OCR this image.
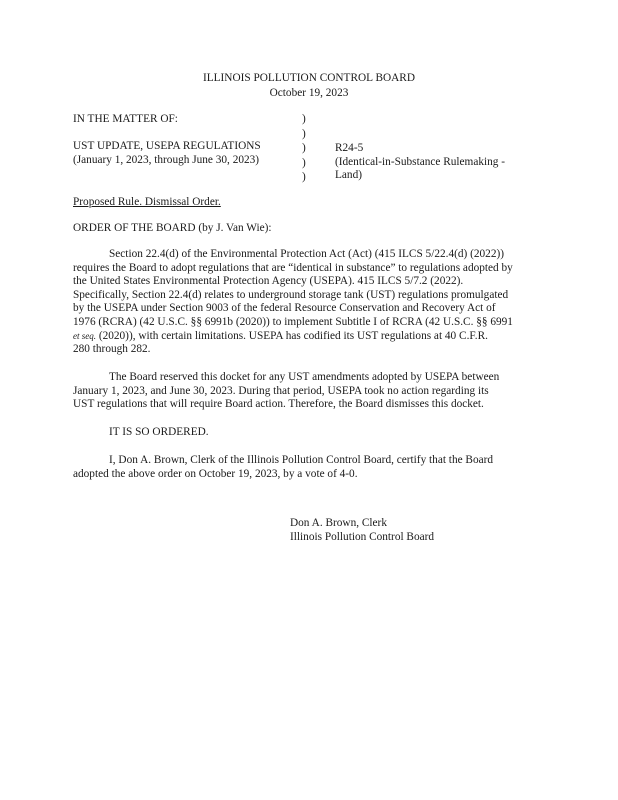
ILLINOIS POLLUTION CONTROL BOARD
October 19, 2023
IN THE MATTER OF:	)
)
)
)
)
UST UPDATE, USEPA REGULATIONS
(January 1, 2023, through June 30, 2023)
R24-5
(Identical-in-Substance Rulemaking -
Land)
Proposed Rule. Dismissal Order.
ORDER OF THE BOARD (by J. Van Wie):

Section 22.4(d) of the Environmental Protection Act (Act) (415 ILCS 5/22.4(d) (2022))

requires the Board to adopt regulations that are “identical in substance” to regulations adopted by

the United States Environmental Protection Agency (USEPA). 415 ILCS 5/7.2 (2022).

Specifically, Section 22.4(d) relates to underground storage tank (UST) regulations promulgated

by the USEPA under Section 9003 of the federal Resource Conservation and Recovery Act of

1976 (RCRA) (42 U.S.C. §§ 6991b (2020)) to implement Subtitle I of RCRA (42 U.S.C. §§ 6991

et seq. (2020)), with certain limitations. USEPA has codified its UST regulations at 40 C.F.R.

280 through 282.

The Board reserved this docket for any UST amendments adopted by USEPA between

January 1, 2023, and June 30, 2023. During that period, USEPA took no action regarding its

UST regulations that will require Board action. Therefore, the Board dismisses this docket.

IT IS SO ORDERED.

I, Don A. Brown, Clerk of the Illinois Pollution Control Board, certify that the Board

adopted the above order on October 19, 2023, by a vote of 4-0.

Don A. Brown, Clerk
Illinois Pollution Control Board
